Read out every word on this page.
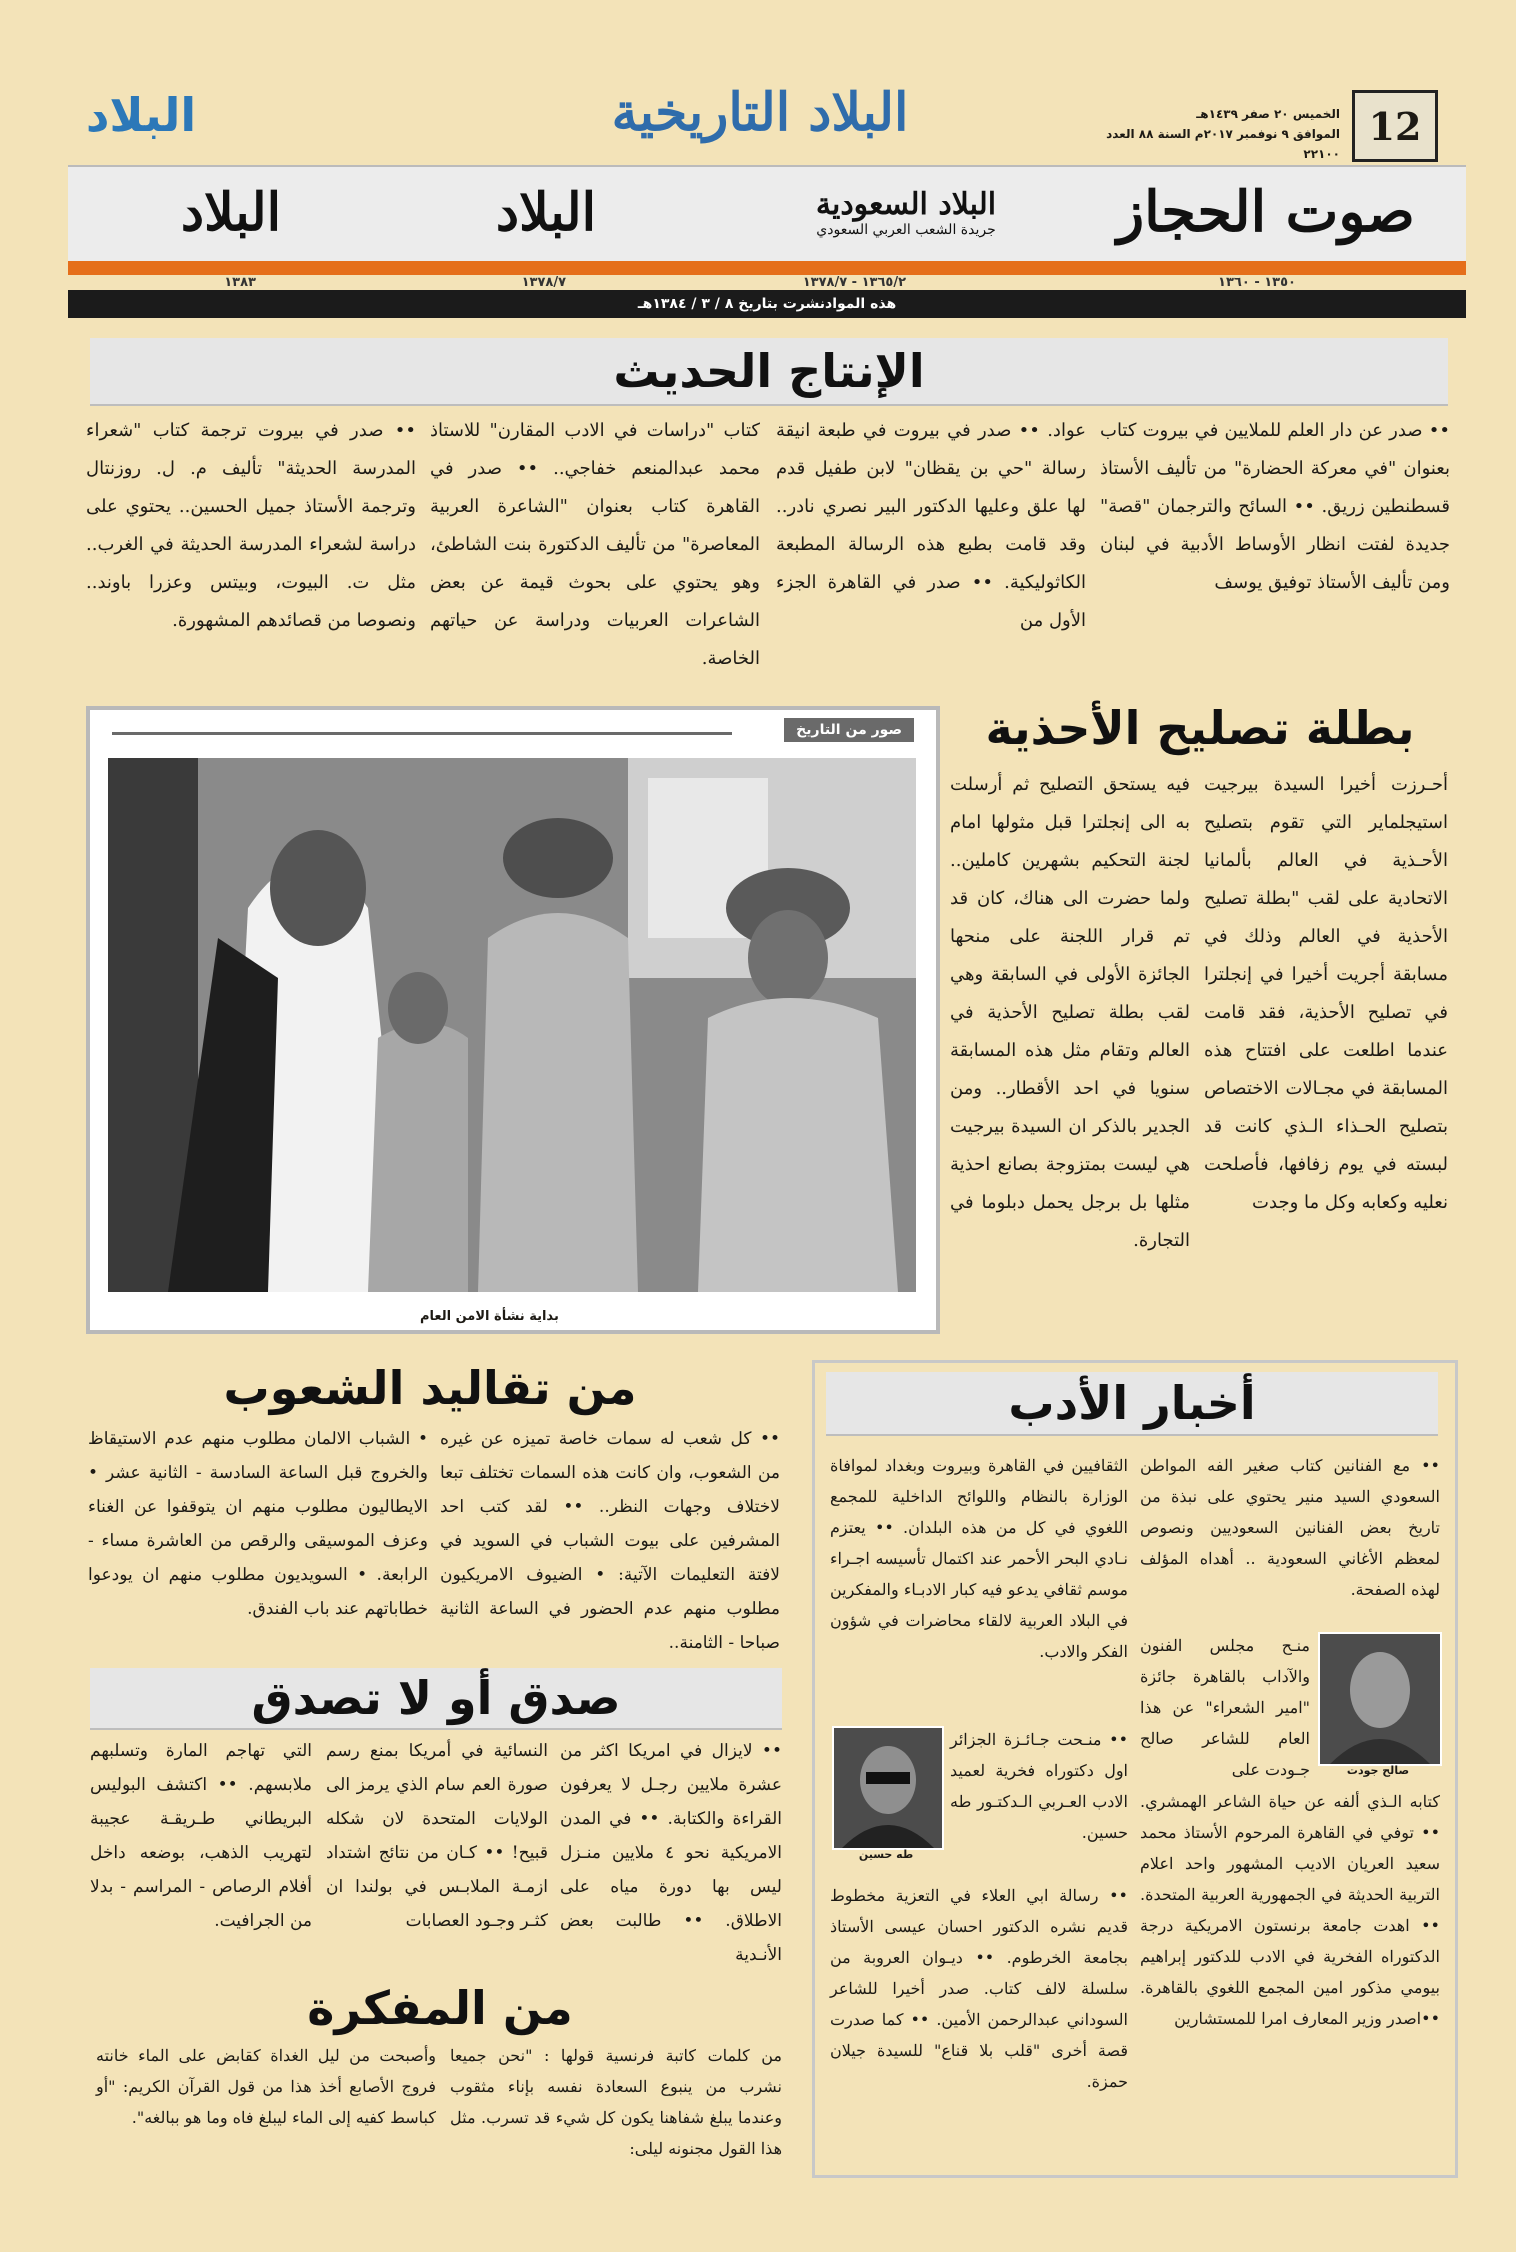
12
الخميس ٢٠ صفر ١٤٣٩هـ
الموافق ٩ نوفمبر ٢٠١٧م السنة ٨٨ العدد ٢٢١٠٠
البلاد التاريخية
البلاد
صوت الحجاز
البلاد السعودية
جريدة الشعب العربي السعودي
البلاد
البلاد
١٣٥٠ - ١٣٦٠
١٣٦٥/٢ - ١٣٧٨/٧
١٣٧٨/٧
١٣٨٣
هذه الموادنشرت بتاريخ ٨ / ٣ / ١٣٨٤هـ
الإنتاج الحديث
•• صدر عن دار العلم للملايين في بيروت كتاب بعنوان "في معركة الحضارة" من تأليف الأستاذ قسطنطين زريق. •• السائح والترجمان "قصة" جديدة لفتت انظار الأوساط الأدبية في لبنان ومن تأليف الأستاذ توفيق يوسف
عواد. •• صدر في بيروت في طبعة انيقة رسالة "حي بن يقظان" لابن طفيل قدم لها علق وعليها الدكتور البير نصري نادر.. وقد قامت بطبع هذه الرسالة المطبعة الكاثوليكية. •• صدر في القاهرة الجزء الأول من
كتاب "دراسات في الادب المقارن" للاستاذ محمد عبدالمنعم خفاجي.. •• صدر في القاهرة كتاب بعنوان "الشاعرة العربية المعاصرة" من تأليف الدكتورة بنت الشاطئ، وهو يحتوي على بحوث قيمة عن بعض الشاعرات العربيات ودراسة عن حياتهم الخاصة.
•• صدر في بيروت ترجمة كتاب "شعراء المدرسة الحديثة" تأليف م. ل. روزنتال وترجمة الأستاذ جميل الحسين.. يحتوي على دراسة لشعراء المدرسة الحديثة في الغرب.. مثل ت. البيوت، وبيتس وعزرا باوند.. ونصوصا من قصائدهم المشهورة.
بطلة تصليح الأحذية
أحـرزت أخيرا السيدة بيرجيت استيجلماير التي تقوم بتصليح الأحـذية في العالم بألمانيا الاتحادية على لقب "بطلة تصليح الأحذية في العالم وذلك في مسابقة أجريت أخيرا في إنجلترا في تصليح الأحذية، فقد قامت عندما اطلعت على افتتاح هذه المسابقة في مجـالات الاختصاص بتصليح الحـذاء الـذي كانت قد لبسته في يوم زفافها، فأصلحت نعليه وكعابه وكل ما وجدت
فيه يستحق التصليح ثم أرسلت به الى إنجلترا قبل مثولها امام لجنة التحكيم بشهرين كاملين.. ولما حضرت الى هناك، كان قد تم قرار اللجنة على منحها الجائزة الأولى في السابقة وهي لقب بطلة تصليح الأحذية في العالم وتقام مثل هذه المسابقة سنويا في احد الأقطار.. ومن الجدير بالذكر ان السيدة بيرجيت هي ليست بمتزوجة بصانع احذية مثلها بل برجل يحمل دبلوما في التجارة.
صور من التاريخ
بداية نشأة الامن العام
من تقاليد الشعوب
•• كل شعب له سمات خاصة تميزه عن غيره من الشعوب، وان كانت هذه السمات تختلف تبعا لاختلاف وجهات النظر.. •• لقد كتب احد المشرفين على بيوت الشباب في السويد في لافتة التعليمات الآتية: • الضيوف الامريكيون مطلوب منهم عدم الحضور في الساعة الثانية صباحا - الثامنة..
• الشباب الالمان مطلوب منهم عدم الاستيقاظ والخروج قبل الساعة السادسة - الثانية عشر • الايطاليون مطلوب منهم ان يتوقفوا عن الغناء وعزف الموسيقى والرقص من العاشرة مساء - الرابعة. • السويديون مطلوب منهم ان يودعوا خطاباتهم عند باب الفندق.
صدق أو لا تصدق
•• لايزال في امريكا اكثر من عشرة ملايين رجـل لا يعرفون القراءة والكتابة. •• في المدن الامريكية نحو ٤ ملايين منـزل ليس بها دورة مياه على الاطلاق. •• طالبت بعض الأنـدية
النسائية في أمريكا بمنع رسم صورة العم سام الذي يرمز الى الولايات المتحدة لان شكله قبيح! •• كـان من نتائج اشتداد ازمـة الملابـس في بولندا ان كثـر وجـود العصابات
التي تهاجم المارة وتسلبهم ملابسهم. •• اكتشف البوليس البريطاني طـريقـة عجيبة لتهريب الذهب، بوضعه داخل أفلام الرصاص - المراسم - بدلا من الجرافيت.
من المفكرة
من كلمات كاتبة فرنسية قولها : "نحن جميعا نشرب من ينبوع السعادة نفسه بإناء مثقوب وعندما يبلغ شفاهنا يكون كل شيء قد تسرب. مثل هذا القول مجنونه ليلى:
وأصبحت من ليل الغداة كقابض على الماء خانته فروج الأصابع أخذ هذا من قول القرآن الكريم: "أو كباسط كفيه إلى الماء ليبلغ فاه وما هو ببالغه".
أخبار الأدب
•• مع الفنانين كتاب صغير الفه المواطن السعودي السيد منير يحتوي على نبذة من تاريخ بعض الفنانين السعوديين ونصوص لمعظم الأغاني السعودية .. أهداه المؤلف لهذه الصفحة.
صالح جودت
منـح مجلس الفنون والآداب بالقاهرة جائزة "امير الشعراء" عن هذا العام للشاعر صالح جـودت على
كتابه الـذي ألفه عن حياة الشاعر الهمشري. •• توفي في القاهرة المرحوم الأستاذ محمد سعيد العريان الاديب المشهور واحد اعلام التربية الحديثة في الجمهورية العربية المتحدة. •• اهدت جامعة برنستون الامريكية درجة الدكتوراه الفخرية في الادب للدكتور إبراهيم بيومي مذكور امين المجمع اللغوي بالقاهرة. ••اصدر وزير المعارف امرا للمستشارين
الثقافيين في القاهرة وبيروت وبغداد لموافاة الوزارة بالنظام واللوائح الداخلية للمجمع اللغوي في كل من هذه البلدان. •• يعتزم نـادي البحر الأحمر عند اكتمال تأسيسه اجـراء موسم ثقافي يدعو فيه كبار الادبـاء والمفكرين في البلاد العربية لالقاء محاضرات في شؤون الفكر والادب.
طه حسين
•• منـحت جـائـزة الجزائر اول دكتوراه فخرية لعميد الادب العـربي الـدكتـور طه حسين.
•• رسالة ابي العلاء في التعزية مخطوط قديم نشره الدكتور احسان عيسى الأستاذ بجامعة الخرطوم. •• ديـوان العروبة من سلسلة لالف كتاب. صدر أخيرا للشاعر السوداني عبدالرحمن الأمين. •• كما صدرت قصة أخرى "قلب بلا قناع" للسيدة جيلان حمزة.
